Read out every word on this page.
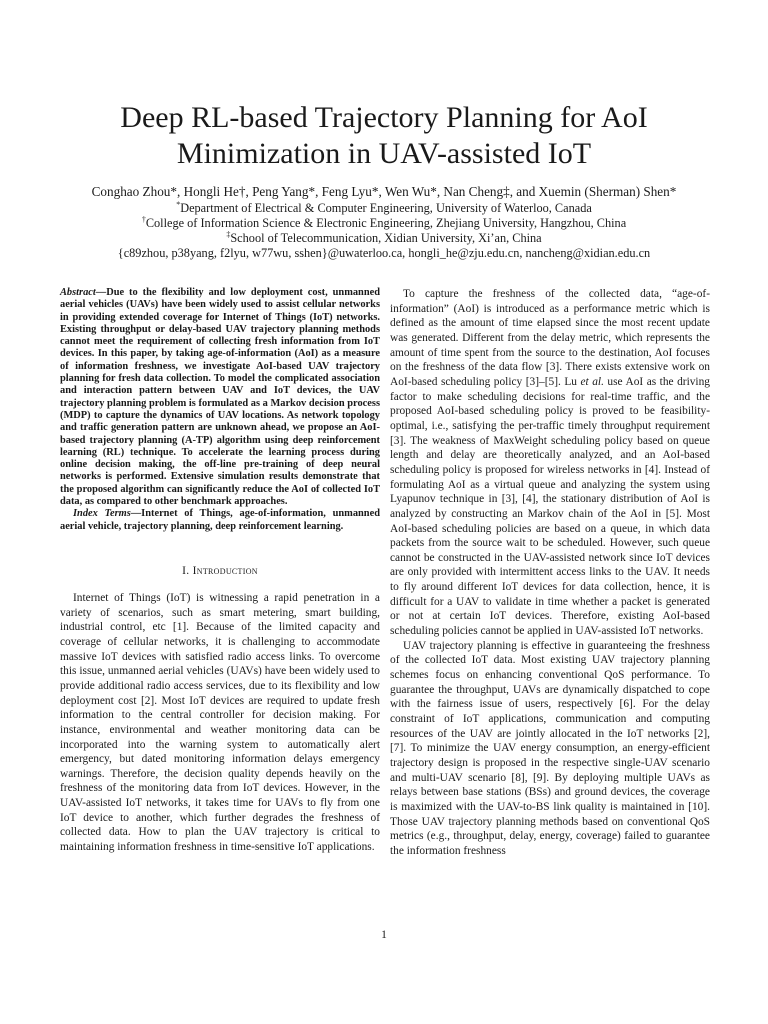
Deep RL-based Trajectory Planning for AoI
Minimization in UAV-assisted IoT
Conghao Zhou*, Hongli He†, Peng Yang*, Feng Lyu*, Wen Wu*, Nan Cheng‡, and Xuemin (Sherman) Shen*
*Department of Electrical & Computer Engineering, University of Waterloo, Canada
†College of Information Science & Electronic Engineering, Zhejiang University, Hangzhou, China
‡School of Telecommunication, Xidian University, Xi’an, China
{c89zhou, p38yang, f2lyu, w77wu, sshen}@uwaterloo.ca, hongli_he@zju.edu.cn, nancheng@xidian.edu.cn

Abstract—Due to the flexibility and low deployment cost, unmanned aerial vehicles (UAVs) have been widely used to assist cellular networks in providing extended coverage for Internet of Things (IoT) networks. Existing throughput or delay-based UAV trajectory planning methods cannot meet the requirement of collecting fresh information from IoT devices. In this paper, by taking age-of-information (AoI) as a measure of information freshness, we investigate AoI-based UAV trajectory planning for fresh data collection. To model the complicated association and interaction pattern between UAV and IoT devices, the UAV trajectory planning problem is formulated as a Markov decision process (MDP) to capture the dynamics of UAV locations. As network topology and traffic generation pattern are unknown ahead, we propose an AoI-based trajectory planning (A-TP) algorithm using deep reinforcement learning (RL) technique. To accelerate the learning process during online decision making, the off-line pre-training of deep neural networks is performed. Extensive simulation results demonstrate that the proposed algorithm can significantly reduce the AoI of collected IoT data, as compared to other benchmark approaches.

Index Terms—Internet of Things, age-of-information, unmanned aerial vehicle, trajectory planning, deep reinforcement learning.

I. Introduction

Internet of Things (IoT) is witnessing a rapid penetration in a variety of scenarios, such as smart metering, smart building, industrial control, etc [1]. Because of the limited capacity and coverage of cellular networks, it is challenging to accommodate massive IoT devices with satisfied radio access links. To overcome this issue, unmanned aerial vehicles (UAVs) have been widely used to provide additional radio access services, due to its flexibility and low deployment cost [2]. Most IoT devices are required to update fresh information to the central controller for decision making. For instance, environmental and weather monitoring data can be incorporated into the warning system to automatically alert emergency, but dated monitoring information delays emergency warnings. Therefore, the decision quality depends heavily on the freshness of the monitoring data from IoT devices. However, in the UAV-assisted IoT networks, it takes time for UAVs to fly from one IoT device to another, which further degrades the freshness of collected data. How to plan the UAV trajectory is critical to maintaining information freshness in time-sensitive IoT applications.

To capture the freshness of the collected data, “age-of-information” (AoI) is introduced as a performance metric which is defined as the amount of time elapsed since the most recent update was generated. Different from the delay metric, which represents the amount of time spent from the source to the destination, AoI focuses on the freshness of the data flow [3]. There exists extensive work on AoI-based scheduling policy [3]–[5]. Lu et al. use AoI as the driving factor to make scheduling decisions for real-time traffic, and the proposed AoI-based scheduling policy is proved to be feasibility-optimal, i.e., satisfying the per-traffic timely throughput requirement [3]. The weakness of MaxWeight scheduling policy based on queue length and delay are theoretically analyzed, and an AoI-based scheduling policy is proposed for wireless networks in [4]. Instead of formulating AoI as a virtual queue and analyzing the system using Lyapunov technique in [3], [4], the stationary distribution of AoI is analyzed by constructing an Markov chain of the AoI in [5]. Most AoI-based scheduling policies are based on a queue, in which data packets from the source wait to be scheduled. However, such queue cannot be constructed in the UAV-assisted network since IoT devices are only provided with intermittent access links to the UAV. It needs to fly around different IoT devices for data collection, hence, it is difficult for a UAV to validate in time whether a packet is generated or not at certain IoT devices. Therefore, existing AoI-based scheduling policies cannot be applied in UAV-assisted IoT networks.

UAV trajectory planning is effective in guaranteeing the freshness of the collected IoT data. Most existing UAV trajectory planning schemes focus on enhancing conventional QoS performance. To guarantee the throughput, UAVs are dynamically dispatched to cope with the fairness issue of users, respectively [6]. For the delay constraint of IoT applications, communication and computing resources of the UAV are jointly allocated in the IoT networks [2], [7]. To minimize the UAV energy consumption, an energy-efficient trajectory design is proposed in the respective single-UAV scenario and multi-UAV scenario [8], [9]. By deploying multiple UAVs as relays between base stations (BSs) and ground devices, the coverage is maximized with the UAV-to-BS link quality is maintained in [10]. Those UAV trajectory planning methods based on conventional QoS metrics (e.g., throughput, delay, energy, coverage) failed to guarantee the information freshness

1
